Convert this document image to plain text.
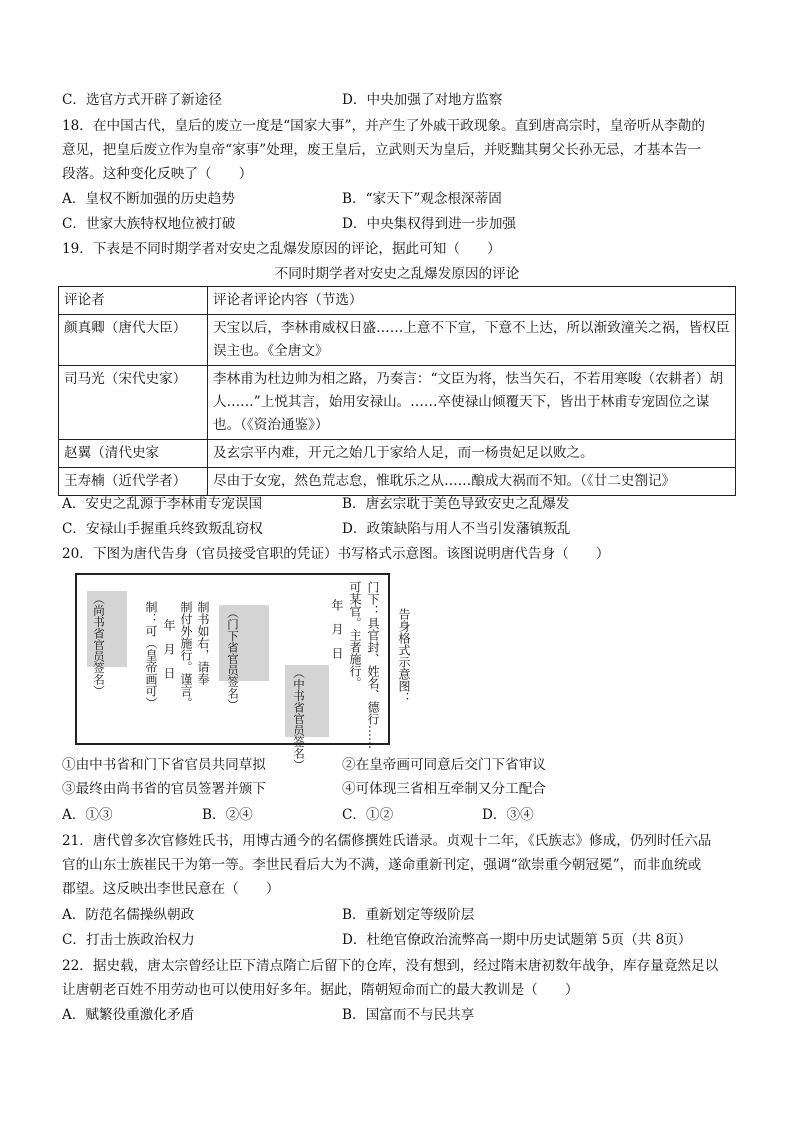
C．选官方式开辟了新途径	D．中央加强了对地方监察
18．在中国古代，皇后的废立一度是“国家大事”，并产生了外戚干政现象。直到唐高宗时，皇帝听从李勣的
意见，把皇后废立作为皇帝“家事”处理，废王皇后，立武则天为皇后，并贬黜其舅父长孙无忌，才基本告一
段落。这种变化反映了（　　）
A．皇权不断加强的历史趋势	B．“家天下”观念根深蒂固
C．世家大族特权地位被打破	D．中央集权得到进一步加强
19．下表是不同时期学者对安史之乱爆发原因的评论，据此可知（　　）
不同时期学者对安史之乱爆发原因的评论
评论者	评论者评论内容（节选）
颜真卿（唐代大臣）	天宝以后，李林甫威权日盛……上意不下宣，下意不上达，所以渐致潼关之祸，皆权臣误主也。《全唐文》
司马光（宋代史家）	李林甫为杜边帅为相之路，乃奏言：“文臣为将，怯当矢石，不若用寒唆（农耕者）胡人……”上悦其言，始用安禄山。……卒使禄山倾覆天下，皆出于林甫专宠固位之谋也。（《资治通鉴》）
赵翼（清代史家	及玄宗平内难，开元之始几于家给人足，而一杨贵妃足以败之。
王寿楠（近代学者）	尽由于女宠，然色荒志怠，惟耽乐之从……酿成大祸而不知。（《廿二史劄记》
A．安史之乱源于李林甫专宠误国	B．唐玄宗耽于美色导致安史之乱爆发
C．安禄山手握重兵终致叛乱窃权	D．政策缺陷与用人不当引发藩镇叛乱
20．下图为唐代告身（官员接受官职的凭证）书写格式示意图。该图说明唐代告身（　　）
门下：具官封、姓名、德行……
可某官。主者施行。
年　月　日
（中书省官员签名）
（门下省官员签名）
制书如右，请奉
制付外施行。谨言。
年　月　日
制：可（皇帝画可）
（尚书省官员签名）	告身格式示意图：
①由中书省和门下省官员共同草拟	②在皇帝画可同意后交门下省审议
③最终由尚书省的官员签署并颁下	④可体现三省相互牵制又分工配合
A．①③	B．②④	C．①②	D．③④
21．唐代曾多次官修姓氏书，用博古通今的名儒修撰姓氏谱录。贞观十二年，《氏族志》修成，仍列时任六品
官的山东士族崔民干为第一等。李世民看后大为不满，遂命重新刊定，强调“欲崇重今朝冠冕”，而非血统或
郡望。这反映出李世民意在（　　）
A．防范名儒操纵朝政	B．重新划定等级阶层
C．打击士族政治权力	D．杜绝官僚政治流弊高一期中历史试题第 5页（共 8页）
22．据史载，唐太宗曾经让臣下清点隋亡后留下的仓库，没有想到，经过隋末唐初数年战争，库存量竟然足以
让唐朝老百姓不用劳动也可以使用好多年。据此，隋朝短命而亡的最大教训是（　　）
A．赋繁役重激化矛盾	B．国富而不与民共享
